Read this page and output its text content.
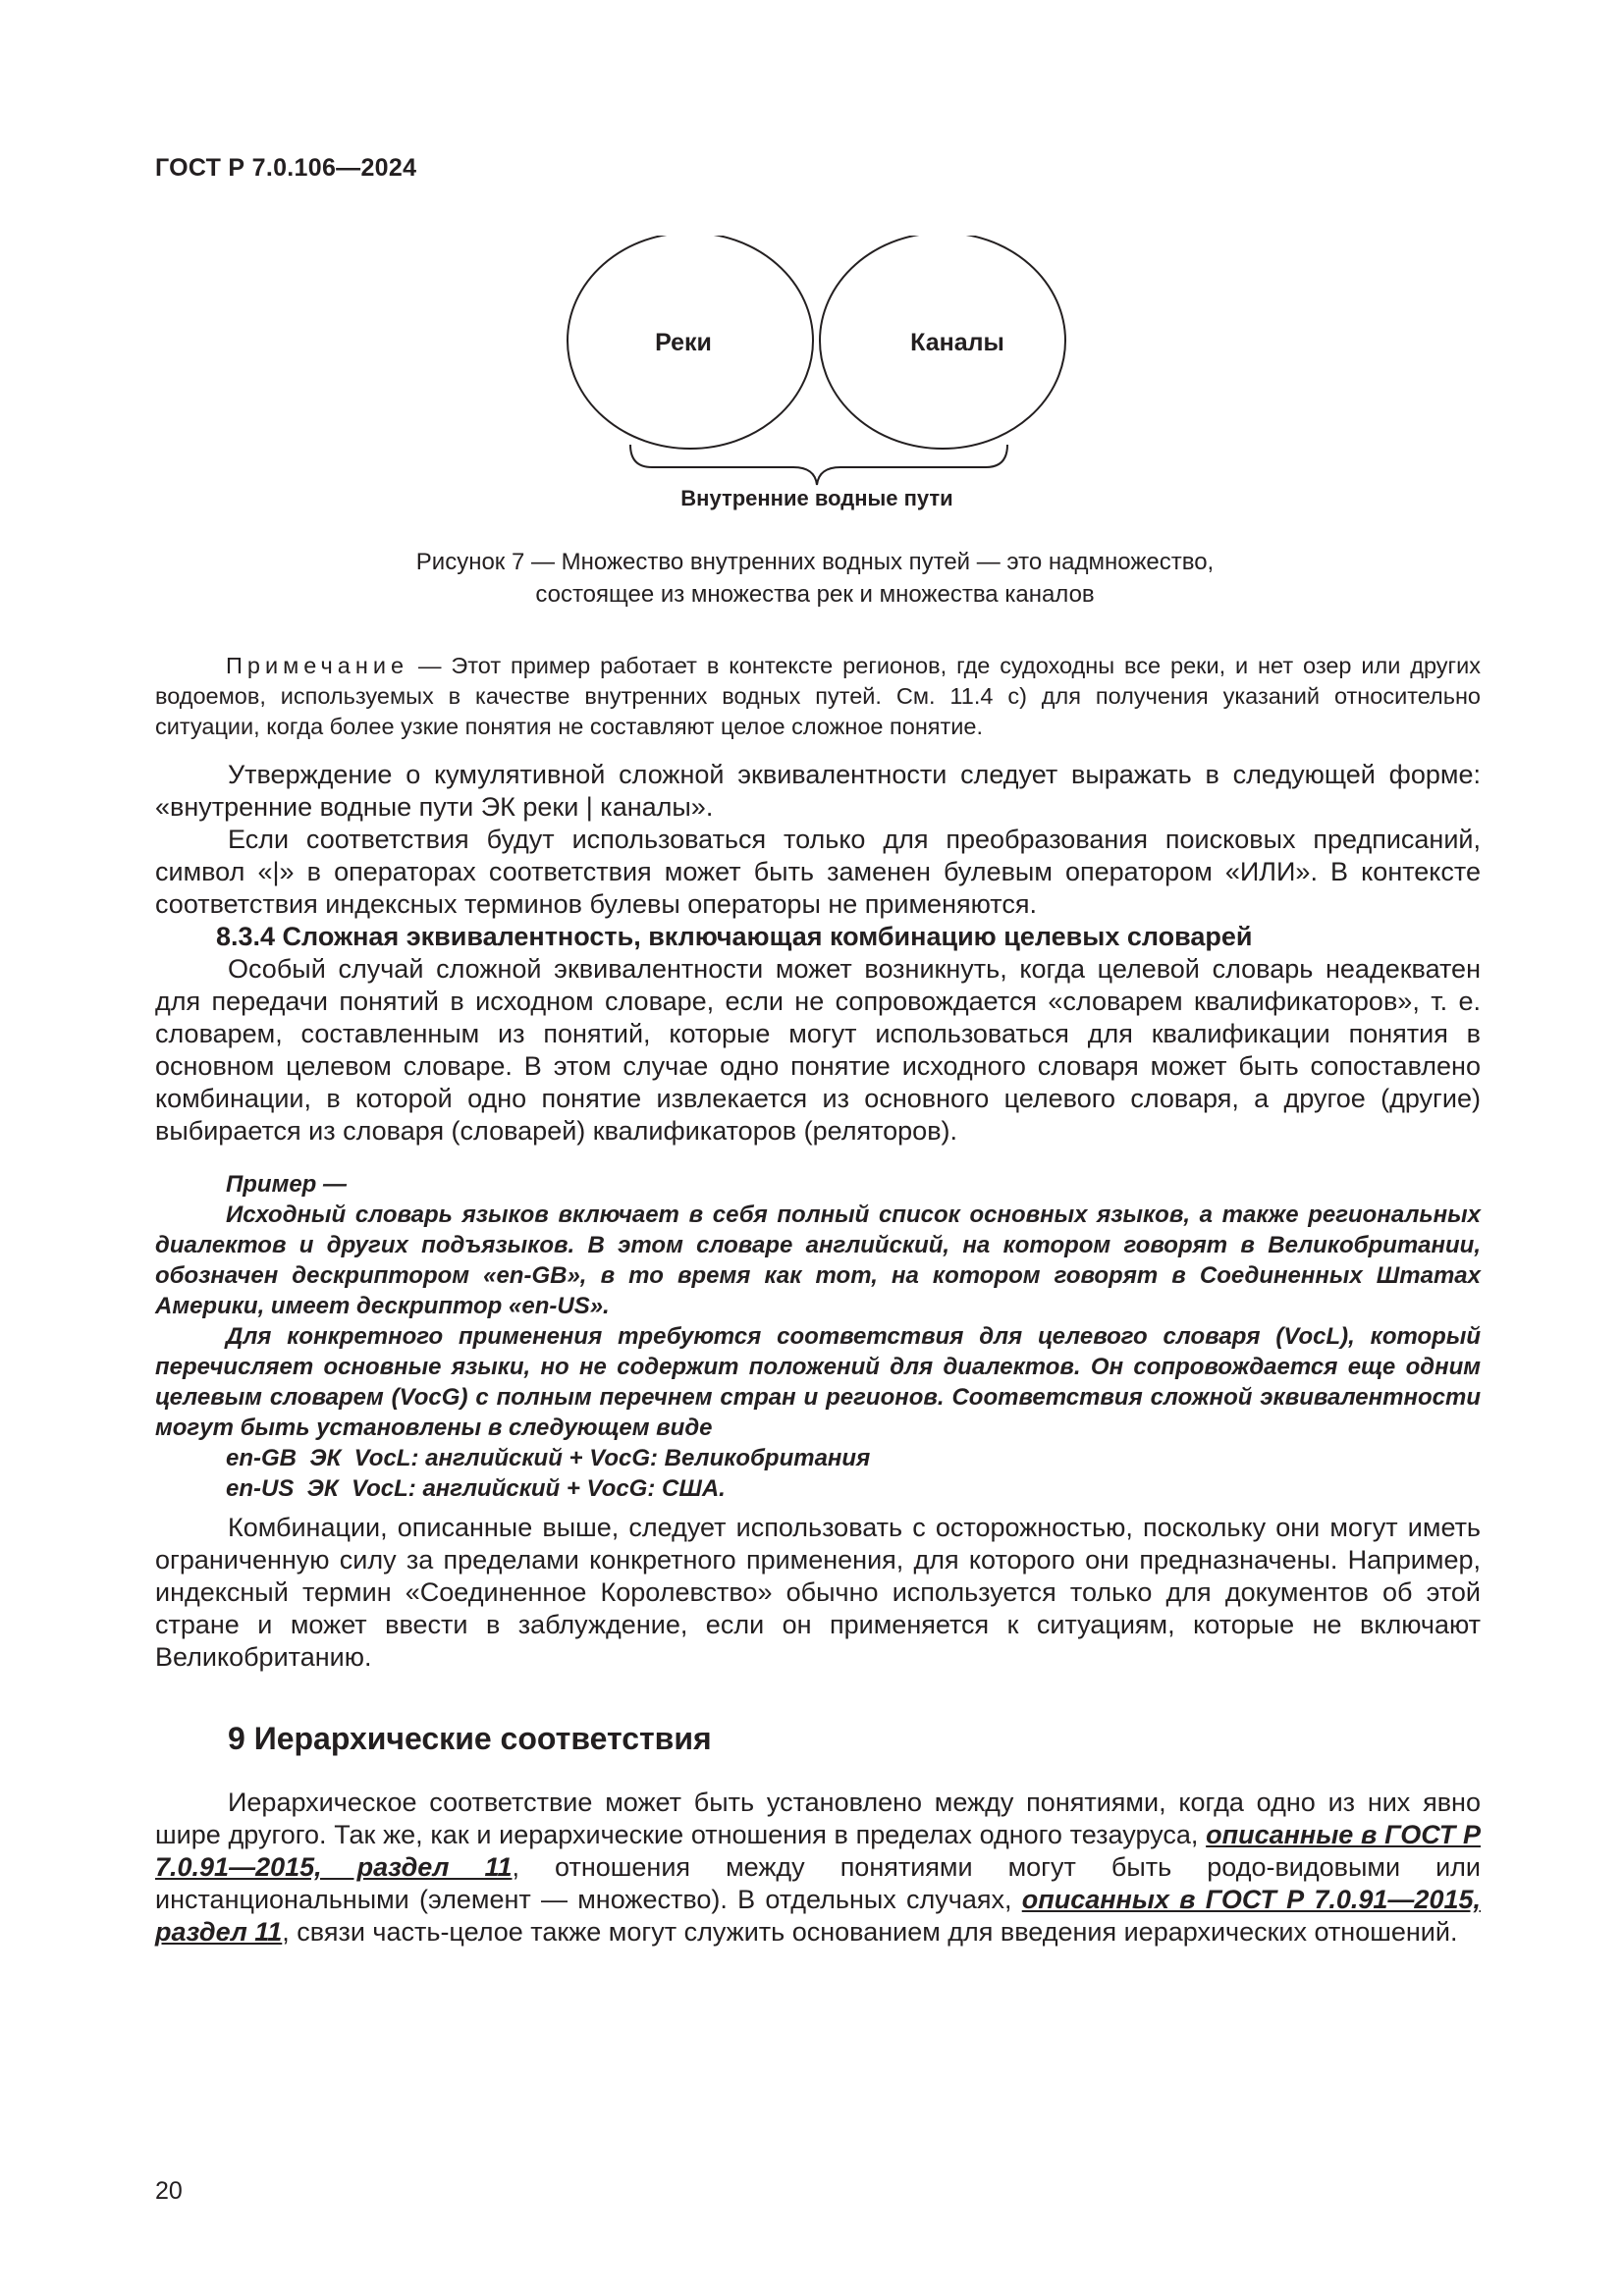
ГОСТ Р 7.0.106—2024
Реки	Каналы
Внутренние водные пути
Рисунок 7 — Множество внутренних водных путей — это надмножество,
состоящее из множества рек и множества каналов

Примечание — Этот пример работает в контексте регионов, где судоходны все реки, и нет озер или других водоемов, используемых в качестве внутренних водных путей. См. 11.4 с) для получения указаний относительно ситуации, когда более узкие понятия не составляют целое сложное понятие.

Утверждение о кумулятивной сложной эквивалентности следует выражать в следующей форме: «внутренние водные пути ЭК реки | каналы».

Если соответствия будут использоваться только для преобразования поисковых предписаний, символ «|» в операторах соответствия может быть заменен булевым оператором «ИЛИ». В контексте соответствия индексных терминов булевы операторы не применяются.

8.3.4 Сложная эквивалентность, включающая комбинацию целевых словарей

Особый случай сложной эквивалентности может возникнуть, когда целевой словарь неадекватен для передачи понятий в исходном словаре, если не сопровождается «словарем квалификаторов», т. е. словарем, составленным из понятий, которые могут использоваться для квалификации понятия в основном целевом словаре. В этом случае одно понятие исходного словаря может быть сопоставлено комбинации, в которой одно понятие извлекается из основного целевого словаря, а другое (другие) выбирается из словаря (словарей) квалификаторов (реляторов).

Пример —

Исходный словарь языков включает в себя полный список основных языков, а также региональных диалектов и других подъязыков. В этом словаре английский, на котором говорят в Великобритании, обозначен дескриптором «en-GB», в то время как тот, на котором говорят в Соединенных Штатах Америки, имеет дескриптор «en-US».

Для конкретного применения требуются соответствия для целевого словаря (VocL), который перечисляет основные языки, но не содержит положений для диалектов. Он сопровождается еще одним целевым словарем (VocG) с полным перечнем стран и регионов. Соответствия сложной эквивалентности могут быть установлены в следующем виде

en-GB  ЭК  VocL: английский + VocG: Великобритания

en-US  ЭК  VocL: английский + VocG: США.

Комбинации, описанные выше, следует использовать с осторожностью, поскольку они могут иметь ограниченную силу за пределами конкретного применения, для которого они предназначены. Например, индексный термин «Соединенное Королевство» обычно используется только для документов об этой стране и может ввести в заблуждение, если он применяется к ситуациям, которые не включают Великобританию.

9 Иерархические соответствия

Иерархическое соответствие может быть установлено между понятиями, когда одно из них явно шире другого. Так же, как и иерархические отношения в пределах одного тезауруса, описанные в ГОСТ Р 7.0.91—2015, раздел 11, отношения между понятиями могут быть родо-видовыми или инстанциональными (элемент — множество). В отдельных случаях, описанных в ГОСТ Р 7.0.91—2015, раздел 11, связи часть-целое также могут служить основанием для введения иерархических отношений.

20
